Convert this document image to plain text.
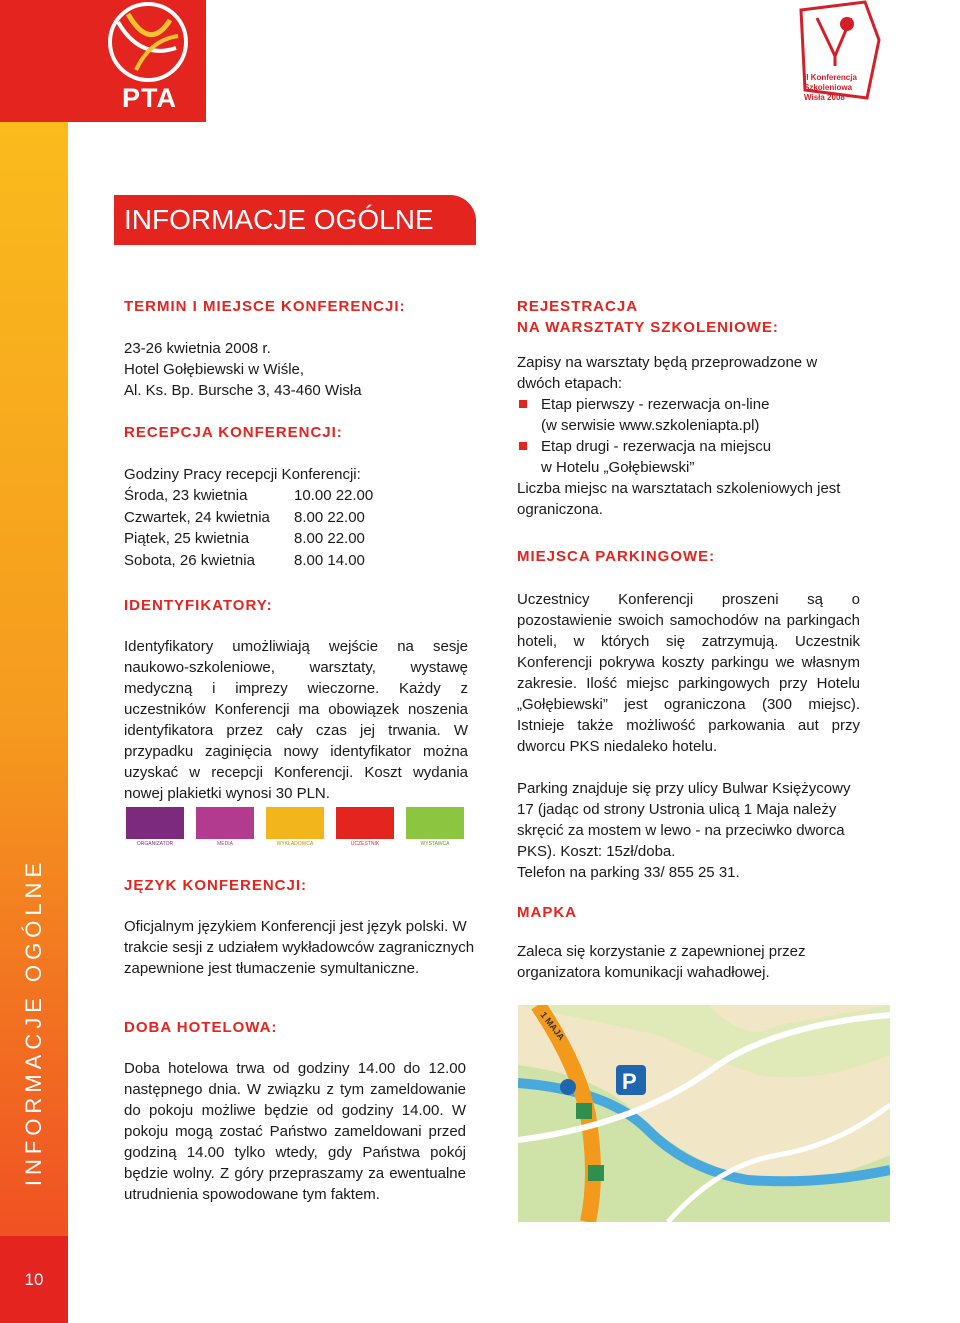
INFORMACJE OGÓLNE
10
PTA
II Konferencja
Szkoleniowa
Wisła 2008
INFORMACJE OGÓLNE

TERMIN I MIEJSCE KONFERENCJI:

23-26 kwietnia 2008 r.

Hotel Gołębiewski w Wiśle,

Al. Ks. Bp. Bursche 3, 43-460 Wisła

RECEPCJA KONFERENCJI:

Godziny Pracy recepcji Konferencji:

Środa, 23 kwietnia	10.00 22.00
Czwartek, 24 kwietnia 8.00 22.00
Piątek, 25 kwietnia	8.00 22.00
Sobota, 26 kwietnia	8.00 14.00

IDENTYFIKATORY:

Identyfikatory umożliwiają wejście na sesje naukowo-szkoleniowe, warsztaty, wystawę medyczną i imprezy wieczorne. Każdy z uczestników Konferencji ma obowiązek noszenia identyfikatora przez cały czas jej trwania. W przypadku zaginięcia nowy identyfikator można uzyskać w recepcji Konferencji. Koszt wydania nowej plakietki wynosi 30 PLN.

ORGANIZATOR	MEDIA	WYKŁADOWCA	UCZESTNIK	WYSTAWCA

JĘZYK KONFERENCJI:

Oficjalnym językiem Konferencji jest język polski. W trakcie sesji z udziałem wykładowców zagranicznych zapewnione jest tłumaczenie symultaniczne.

DOBA HOTELOWA:

Doba hotelowa trwa od godziny 14.00 do 12.00 następnego dnia. W związku z tym zameldowanie do pokoju możliwe będzie od godziny 14.00. W pokoju mogą zostać Państwo zameldowani przed godziną 14.00 tylko wtedy, gdy Państwa pokój będzie wolny. Z góry przepraszamy za ewentualne utrudnienia spowodowane tym faktem.

REJESTRACJA

NA WARSZTATY SZKOLENIOWE:

Zapisy na warsztaty będą przeprowadzone w dwóch etapach:

Etap pierwszy - rezerwacja on-line

(w serwisie www.szkoleniapta.pl)

Etap drugi - rezerwacja na miejscu

w Hotelu „Gołębiewski”

Liczba miejsc na warsztatach szkoleniowych jest ograniczona.

MIEJSCA PARKINGOWE:

Uczestnicy Konferencji proszeni są o pozostawienie swoich samochodów na parkingach hoteli, w których się zatrzymują. Uczestnik Konferencji pokrywa koszty parkingu we własnym zakresie. Ilość miejsc parkingowych przy Hotelu „Gołębiewski” jest ograniczona (300 miejsc). Istnieje także możliwość parkowania aut przy dworcu PKS niedaleko hotelu.

Parking znajduje się przy ulicy Bulwar Księżycowy 17 (jadąc od strony Ustronia ulicą 1 Maja należy skręcić za mostem w lewo - na przeciwko dworca PKS). Koszt: 15zł/doba.

Telefon na parking 33/ 855 25 31.

MAPKA

Zaleca się korzystanie z zapewnionej przez organizatora komunikacji wahadłowej.

P
1 MAJA
